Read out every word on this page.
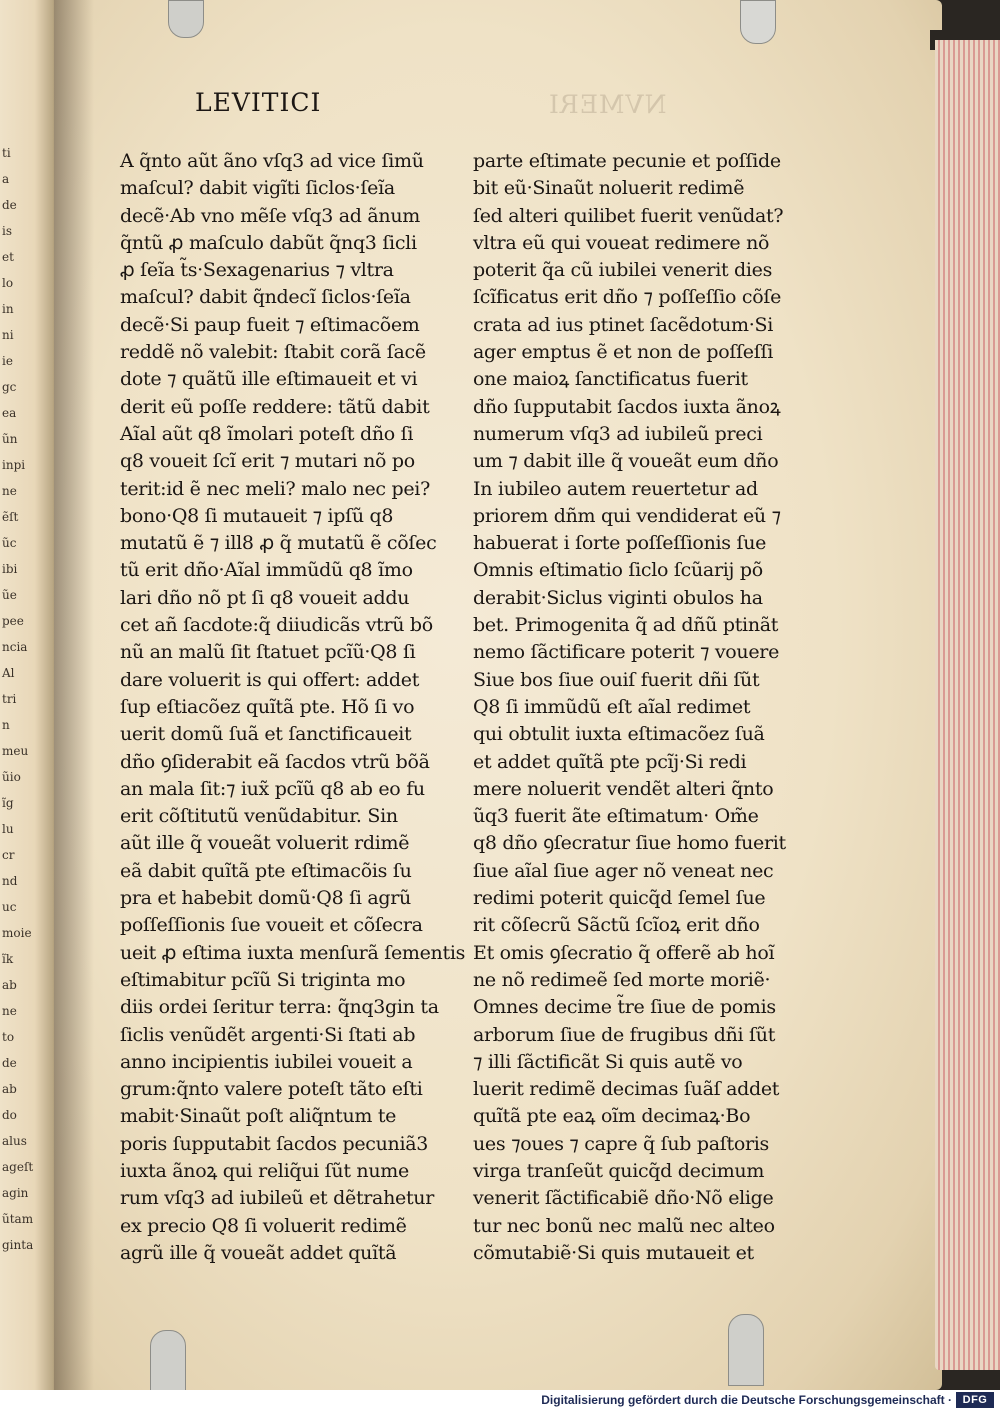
ti
a
de
is
et
lo
in
ni
ie
gc
ea
ũn
inpi
ne
ẽſt
ũc
ibi
ũe
pee
ncia
Al
tri
n
meu
ũio
ĩg
lu
cr
nd
uc
moie
ĩk
ab
ne
to
de
ab
do
alus
ageſt
agin
ũtam
ginta
LEVITICI	NVMERI
A q̃nto aũt ãno vſq3 ad vice ſimũ
maſcul? dabit vigĩti ſiclos·ſeĩa
decẽ·Ab vno mẽſe vſq3 ad ãnum
q̃ntũ ꝓ maſculo dabũt q̃nq3 ſicli
ꝓ ſeĩa t̃s·Sexagenarius ⁊ vltra
maſcul? dabit q̃ndecĩ ſiclos·ſeĩa
decẽ·Si paup fueit ⁊ eſtimacõem
reddẽ nõ valebit: ſtabit corã ſacẽ
dote ⁊ quãtũ ille eſtimaueit et vi
derit eũ poſſe reddere: tãtũ dabit
Aĩal aũt q8 ĩmolari poteſt dño ſi
q8 voueit ſcĩ erit ⁊ mutari nõ po
terit:id ẽ nec meli? malo nec pei?
bono·Q8 ſi mutaueit ⁊ ipſũ q8
mutatũ ẽ ⁊ ill8 ꝓ q̃ mutatũ ẽ cõſec
tũ erit dño·Aĩal immũdũ q8 ĩmo
lari dño nõ pt ſi q8 voueit addu
cet añ ſacdote:q̃ diiudicãs vtrũ bõ
nũ an malũ ſit ſtatuet pcĩũ·Q8 ſi
dare voluerit is qui offert: addet
ſup eſtiacõez quĩtã pte. Hõ ſi vo
uerit domũ ſuã et ſanctificaueit
dño ꝯſiderabit eã ſacdos vtrũ bõã
an mala ſit:⁊ iux̃ pcĩũ q8 ab eo fu
erit cõſtitutũ venũdabitur. Sin
aũt ille q̃ voueãt voluerit rdimẽ
eã dabit quĩtã pte eſtimacõis ſu
pra et habebit domũ·Q8 ſi agrũ
poſſeſſionis ſue voueit et cõſecra
ueit ꝓ eſtima iuxta menſurã ſementis
eſtimabitur pcĩũ Si triginta mo
diis ordei ſeritur terra: q̃nq3gin ta
ſiclis venũdẽt argenti·Si ſtati ab
anno incipientis iubilei voueit a
grum:q̃nto valere poteſt tãto eſti
mabit·Sinaũt poſt aliq̃ntum te
poris ſupputabit ſacdos pecuniã3
iuxta ãnoꝝ qui reliq̃ui ſũt nume
rum vſq3 ad iubileũ et dẽtrahetur
ex precio Q8 ſi voluerit redimẽ
agrũ ille q̃ voueãt addet quĩtã
parte eſtimate pecunie et poſſide
bit eũ·Sinaũt noluerit redimẽ
ſed alteri quilibet fuerit venũdat?
vltra eũ qui voueat redimere nõ
poterit q̃a cũ iubilei venerit dies
ſcĩficatus erit dño ⁊ poſſeſſio cõſe
crata ad ius ptinet ſacẽdotum·Si
ager emptus ẽ et non de poſſeſſi
one maioꝝ ſanctificatus fuerit
dño ſupputabit ſacdos iuxta ãnoꝝ
numerum vſq3 ad iubileũ preci
um ⁊ dabit ille q̃ voueãt eum dño
In iubileo autem reuertetur ad
priorem dñm qui vendiderat eũ ⁊
habuerat i ſorte poſſeſſionis ſue
Omnis eſtimatio ſiclo ſcũarij põ
derabit·Siclus viginti obulos ha
bet. Primogenita q̃ ad dñũ ptinãt
nemo ſãctificare poterit ⁊ vouere
Siue bos ſiue ouiſ fuerit dñi ſũt
Q8 ſi immũdũ eſt aĩal redimet
qui obtulit iuxta eſtimacõez ſuã
et addet quĩtã pte pcĩj·Si redi
mere noluerit vendẽt alteri q̃nto
ũq3 fuerit ãte eſtimatum· Om̃e
q8 dño ꝯſecratur ſiue homo fuerit
ſiue aĩal ſiue ager nõ veneat nec
redimi poterit quicq̃d ſemel ſue
rit cõſecrũ Sãctũ ſcĩoꝝ erit dño
Et omis ꝯſecratio q̃ offerẽ ab hoĩ
ne nõ redimeẽ ſed morte moriẽ·
Omnes decime t̃re ſiue de pomis
arborum ſiue de frugibus dñi ſũt
⁊ illi ſãctificãt Si quis autẽ vo
luerit redimẽ decimas ſuãſ addet
quĩtã pte eaꝝ oĩm decimaꝝ·Bo
ues ⁊oues ⁊ capre q̃ ſub paſtoris
virga tranſeũt quicq̃d decimum
venerit ſãctificabiẽ dño·Nõ elige
tur nec bonũ nec malũ nec alteo
cõmutabiẽ·Si quis mutaueit et
Digitalisierung gefördert durch die Deutsche Forschungsgemeinschaft · DFG
